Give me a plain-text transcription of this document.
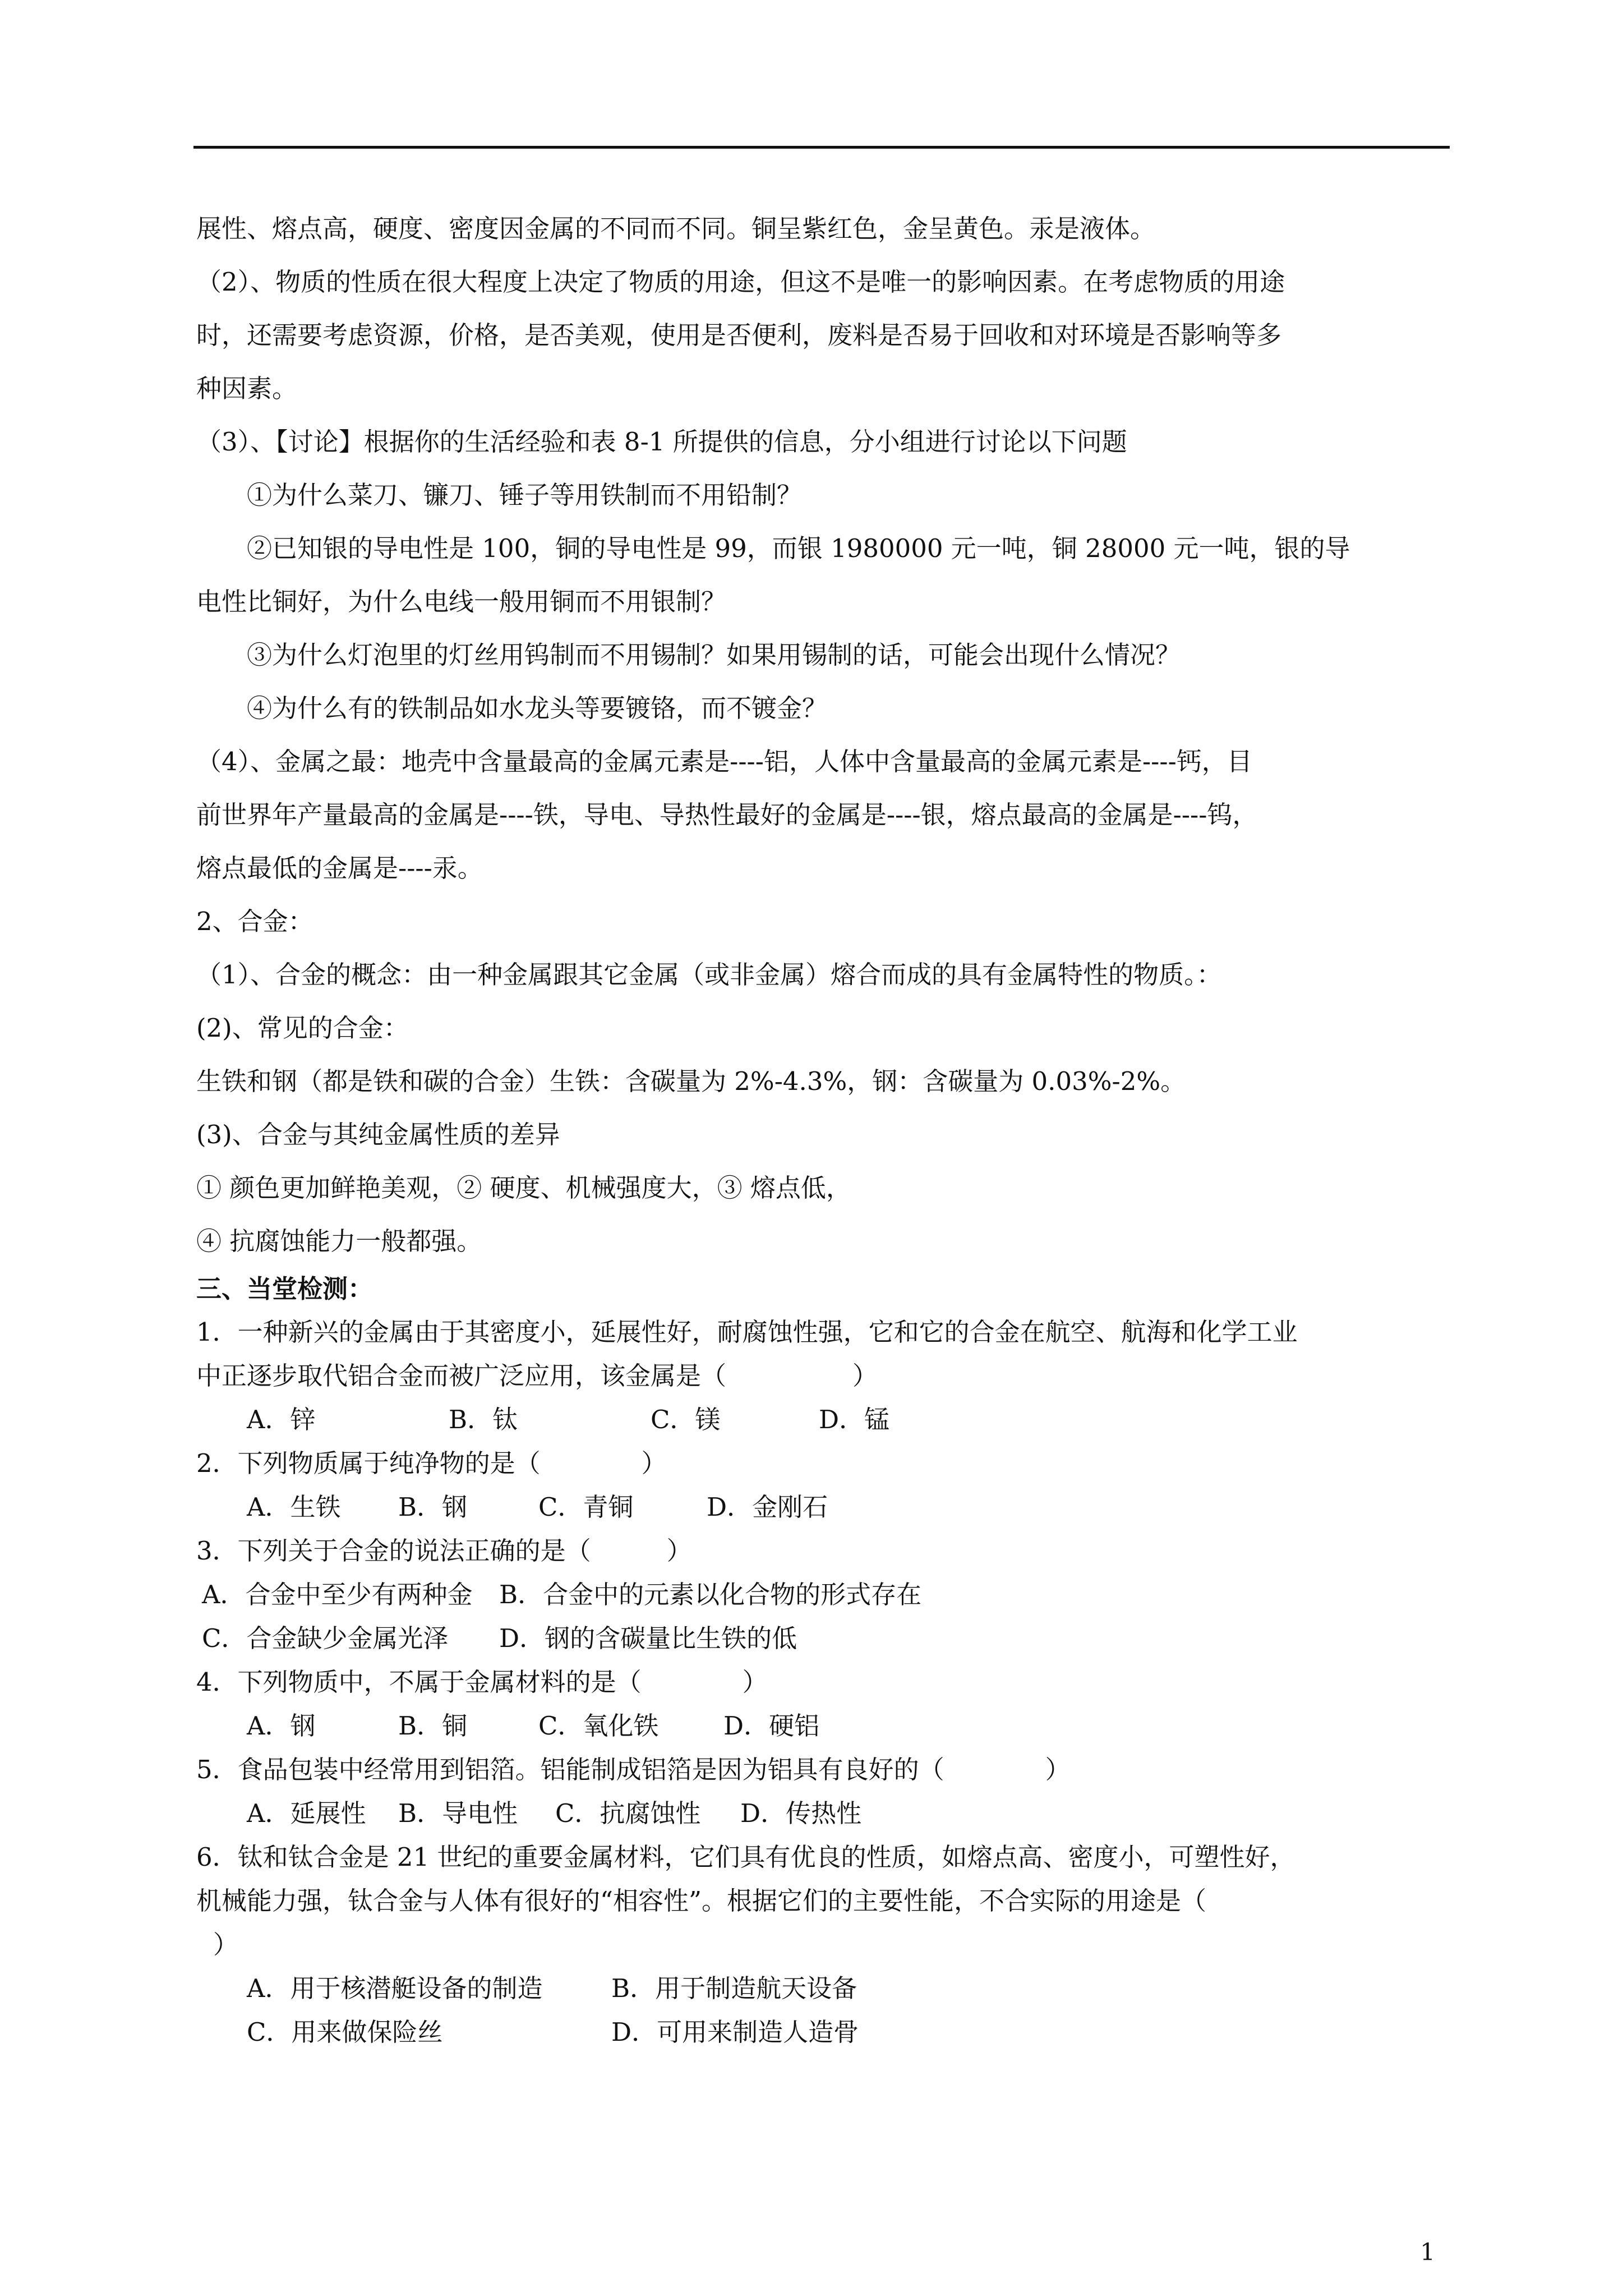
展性、熔点高，硬度、密度因金属的不同而不同。铜呈紫红色，金呈黄色。汞是液体。

（2）、物质的性质在很大程度上决定了物质的用途，但这不是唯一的影响因素。在考虑物质的用途

时，还需要考虑资源，价格，是否美观，使用是否便利，废料是否易于回收和对环境是否影响等多

种因素。

（3）、【讨论】根据你的生活经验和表 8-1 所提供的信息，分小组进行讨论以下问题

①为什么菜刀、镰刀、锤子等用铁制而不用铅制？

②已知银的导电性是 100，铜的导电性是 99，而银 1980000 元一吨，铜 28000 元一吨，银的导

电性比铜好，为什么电线一般用铜而不用银制？

③为什么灯泡里的灯丝用钨制而不用锡制？如果用锡制的话，可能会出现什么情况？

④为什么有的铁制品如水龙头等要镀铬，而不镀金？

（4）、金属之最：地壳中含量最高的金属元素是----铝，人体中含量最高的金属元素是----钙，目

前世界年产量最高的金属是----铁，导电、导热性最好的金属是----银，熔点最高的金属是----钨，

熔点最低的金属是----汞。

2、合金：

（1）、合金的概念：由一种金属跟其它金属（或非金属）熔合而成的具有金属特性的物质。：

(2)、常见的合金：

生铁和钢（都是铁和碳的合金）生铁：含碳量为 2%-4.3%，钢：含碳量为 0.03%-2%。

(3)、合金与其纯金属性质的差异

① 颜色更加鲜艳美观，② 硬度、机械强度大，③ 熔点低，

④ 抗腐蚀能力一般都强。

三、当堂检测：

1．一种新兴的金属由于其密度小，延展性好，耐腐蚀性强，它和它的合金在航空、航海和化学工业

中正逐步取代铝合金而被广泛应用，该金属是（　　　　　）

A．锌	B．钛	C．镁	D．锰

2．下列物质属于纯净物的是（　　　　）

A．生铁 B．钢	C．青铜	D．金刚石

3．下列关于合金的说法正确的是（　　　）

A．合金中至少有两种金 B．合金中的元素以化合物的形式存在

C．合金缺少金属光泽 D．钢的含碳量比生铁的低

4．下列物质中，不属于金属材料的是（　　　　）

A．钢	B．铜	C．氧化铁	D．硬铝

5．食品包装中经常用到铝箔。铝能制成铝箔是因为铝具有良好的（　　　　）

A．延展性 B．导电性 C．抗腐蚀性 D．传热性

6．钛和钛合金是 21 世纪的重要金属材料，它们具有优良的性质，如熔点高、密度小，可塑性好，

机械能力强，钛合金与人体有很好的“相容性”。根据它们的主要性能，不合实际的用途是（

）

A．用于核潜艇设备的制造	B．用于制造航天设备

C．用来做保险丝	D．可用来制造人造骨

1
